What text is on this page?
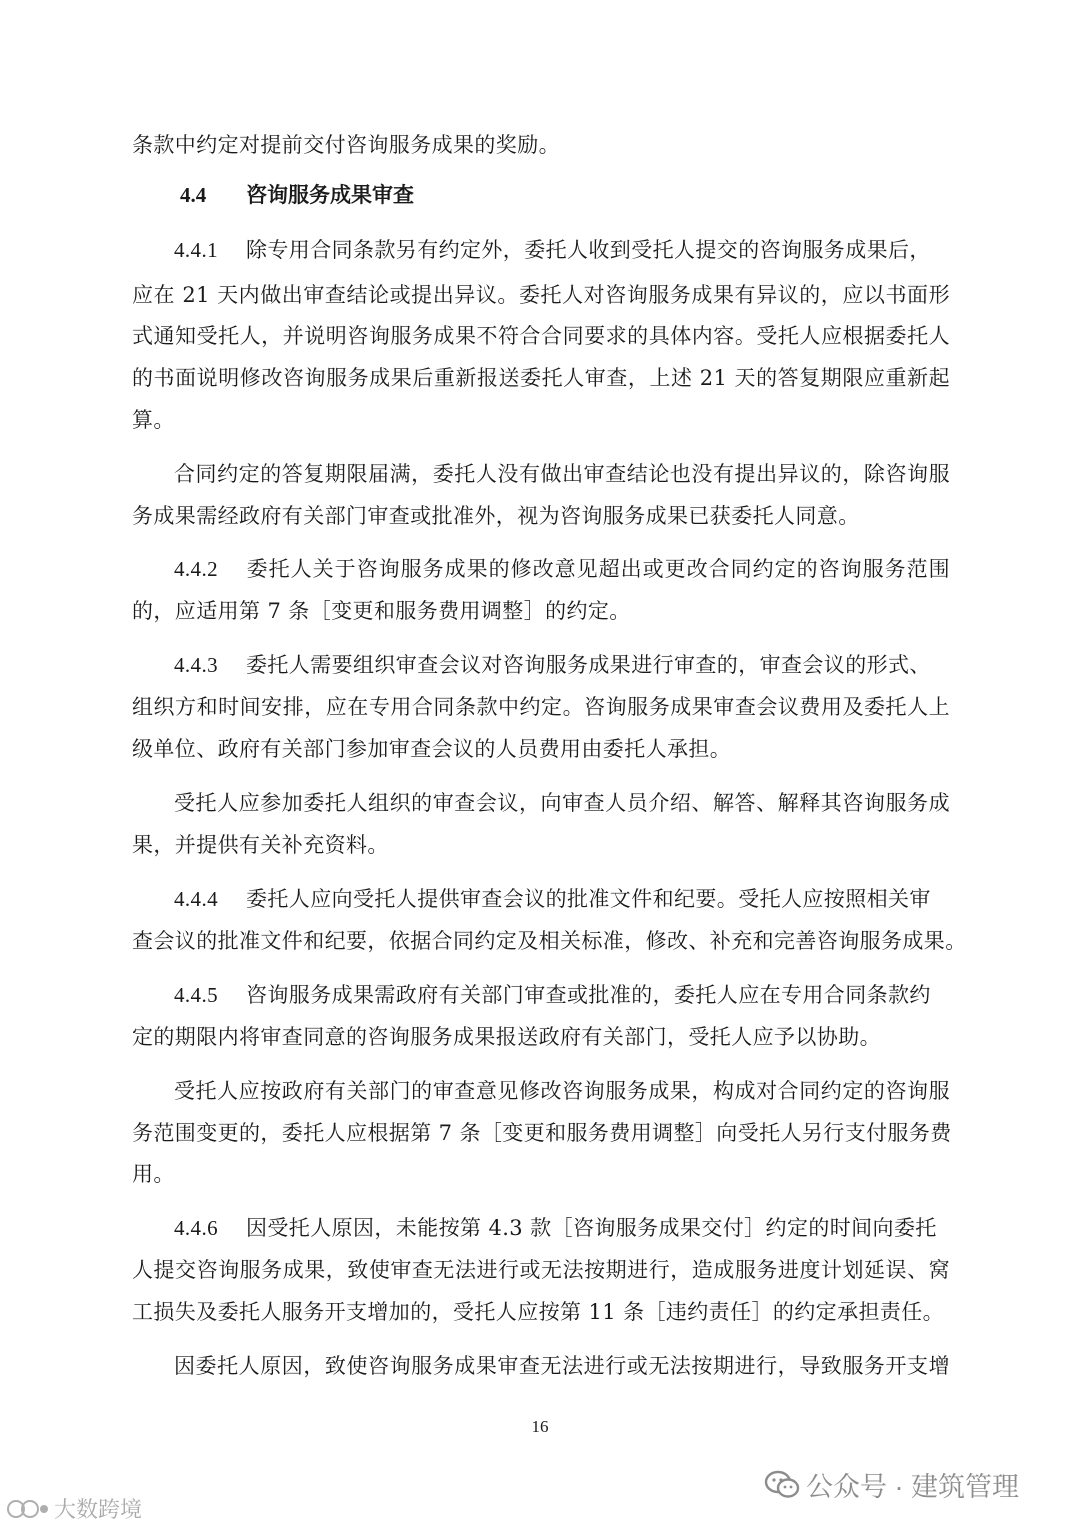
条款中约定对提前交付咨询服务成果的奖励。
4.4 咨询服务成果审查
4.4.1 除专用合同条款另有约定外，委托人收到受托人提交的咨询服务成果后，
应在 21 天内做出审查结论或提出异议。委托人对咨询服务成果有异议的，应以书面形
式通知受托人，并说明咨询服务成果不符合合同要求的具体内容。受托人应根据委托人
的书面说明修改咨询服务成果后重新报送委托人审查，上述 21 天的答复期限应重新起
算。
合同约定的答复期限届满，委托人没有做出审查结论也没有提出异议的，除咨询服
务成果需经政府有关部门审查或批准外，视为咨询服务成果已获委托人同意。
4.4.2 委托人关于咨询服务成果的修改意见超出或更改合同约定的咨询服务范围
的，应适用第 7 条［变更和服务费用调整］的约定。
4.4.3 委托人需要组织审查会议对咨询服务成果进行审查的，审查会议的形式、
组织方和时间安排，应在专用合同条款中约定。咨询服务成果审查会议费用及委托人上
级单位、政府有关部门参加审查会议的人员费用由委托人承担。
受托人应参加委托人组织的审查会议，向审查人员介绍、解答、解释其咨询服务成
果，并提供有关补充资料。
4.4.4 委托人应向受托人提供审查会议的批准文件和纪要。受托人应按照相关审
查会议的批准文件和纪要，依据合同约定及相关标准，修改、补充和完善咨询服务成果。
4.4.5 咨询服务成果需政府有关部门审查或批准的，委托人应在专用合同条款约
定的期限内将审查同意的咨询服务成果报送政府有关部门，受托人应予以协助。
受托人应按政府有关部门的审查意见修改咨询服务成果，构成对合同约定的咨询服
务范围变更的，委托人应根据第 7 条［变更和服务费用调整］向受托人另行支付服务费
用。
4.4.6 因受托人原因，未能按第 4.3 款［咨询服务成果交付］约定的时间向委托
人提交咨询服务成果，致使审查无法进行或无法按期进行，造成服务进度计划延误、窝
工损失及委托人服务开支增加的，受托人应按第 11 条［违约责任］的约定承担责任。
因委托人原因，致使咨询服务成果审查无法进行或无法按期进行，导致服务开支增
16
大数跨境
公众号 · 建筑管理
